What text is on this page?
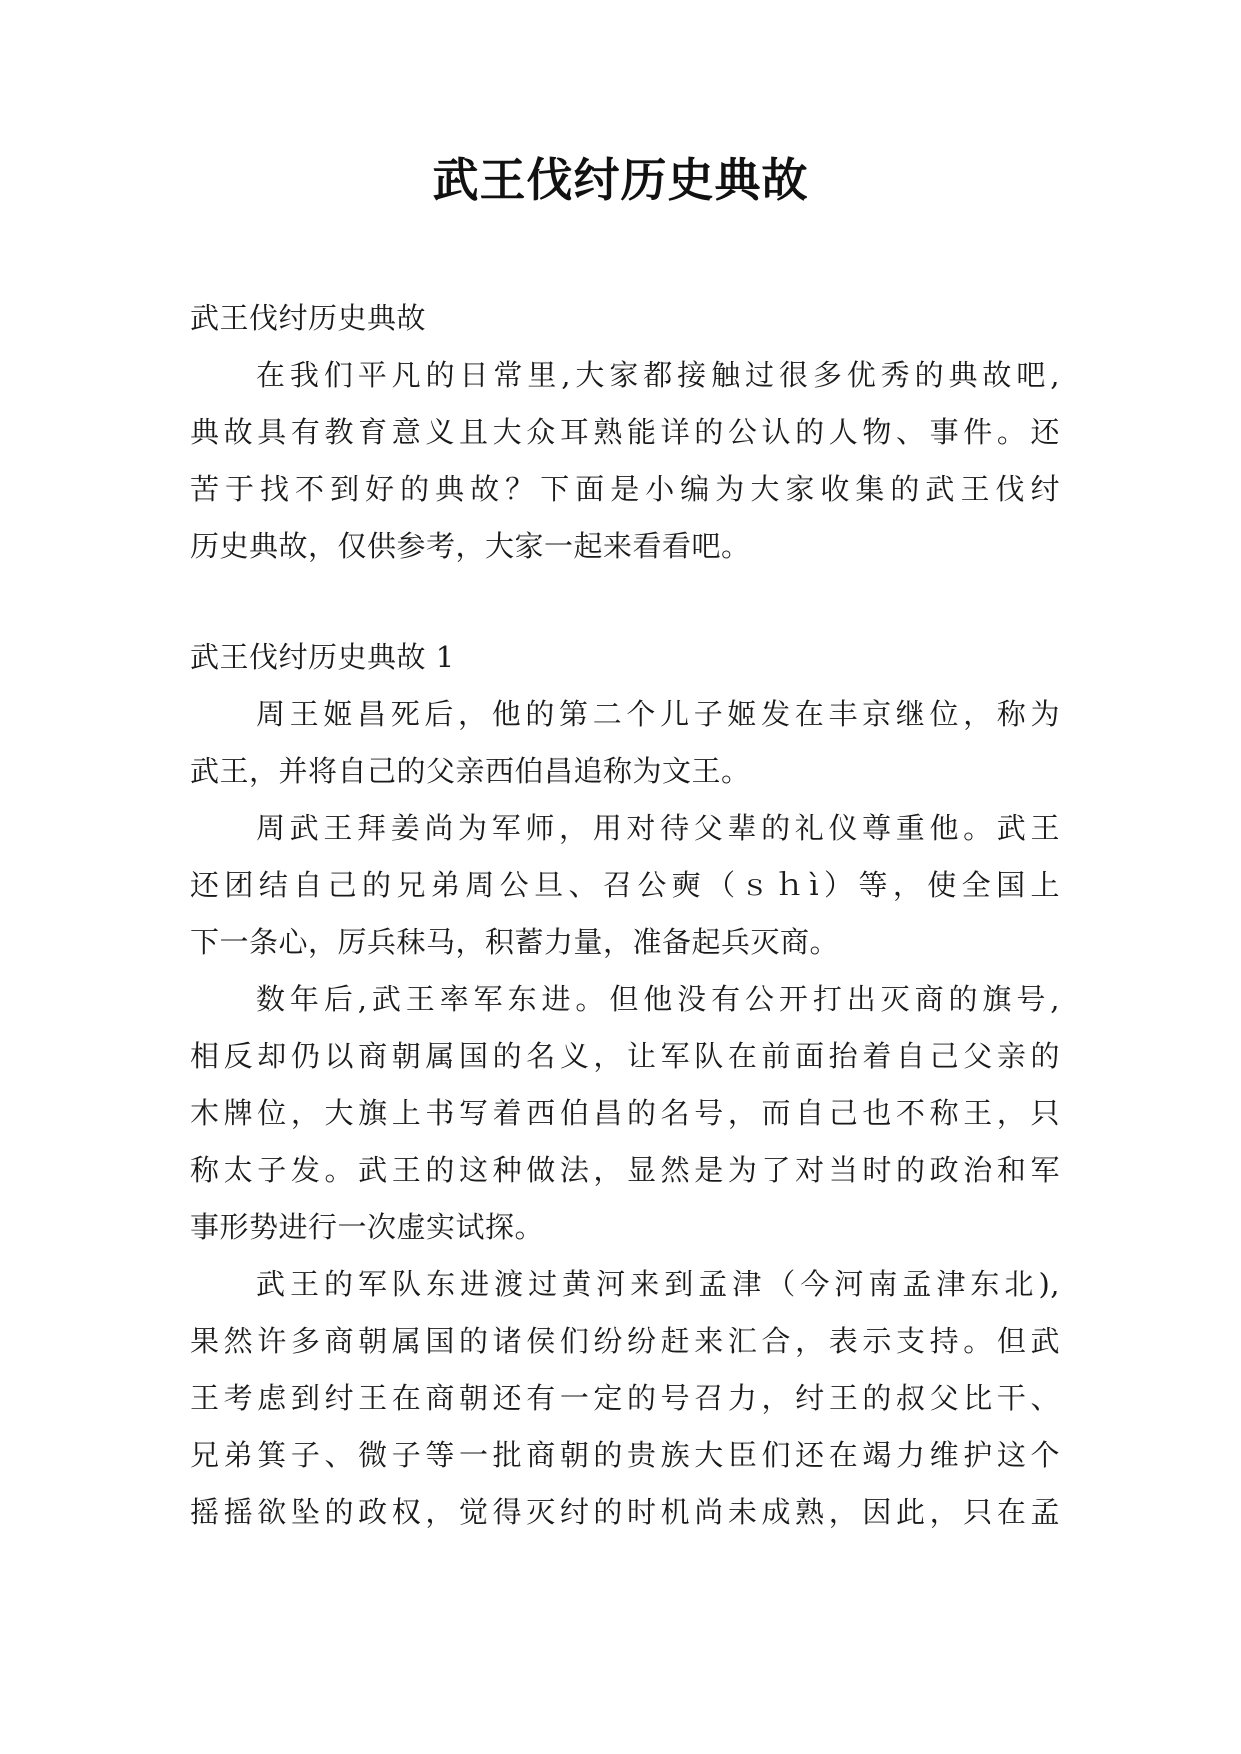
武王伐纣历史典故
武王伐纣历史典故
在我们平凡的日常里,大家都接触过很多优秀的典故吧,
典故具有教育意义且大众耳熟能详的公认的人物、事件。还
苦于找不到好的典故？下面是小编为大家收集的武王伐纣
历史典故，仅供参考，大家一起来看看吧。
武王伐纣历史典故 1
周王姬昌死后，他的第二个儿子姬发在丰京继位，称为
武王，并将自己的父亲西伯昌追称为文王。
周武王拜姜尚为军师，用对待父辈的礼仪尊重他。武王
还团结自己的兄弟周公旦、召公奭（ｓｈì）等，使全国上
下一条心，厉兵秣马，积蓄力量，准备起兵灭商。
数年后,武王率军东进。但他没有公开打出灭商的旗号,
相反却仍以商朝属国的名义，让军队在前面抬着自己父亲的
木牌位，大旗上书写着西伯昌的名号，而自己也不称王，只
称太子发。武王的这种做法，显然是为了对当时的政治和军
事形势进行一次虚实试探。
武王的军队东进渡过黄河来到孟津（今河南孟津东北),
果然许多商朝属国的诸侯们纷纷赶来汇合，表示支持。但武
王考虑到纣王在商朝还有一定的号召力，纣王的叔父比干、
兄弟箕子、微子等一批商朝的贵族大臣们还在竭力维护这个
摇摇欲坠的政权，觉得灭纣的时机尚未成熟，因此，只在孟
